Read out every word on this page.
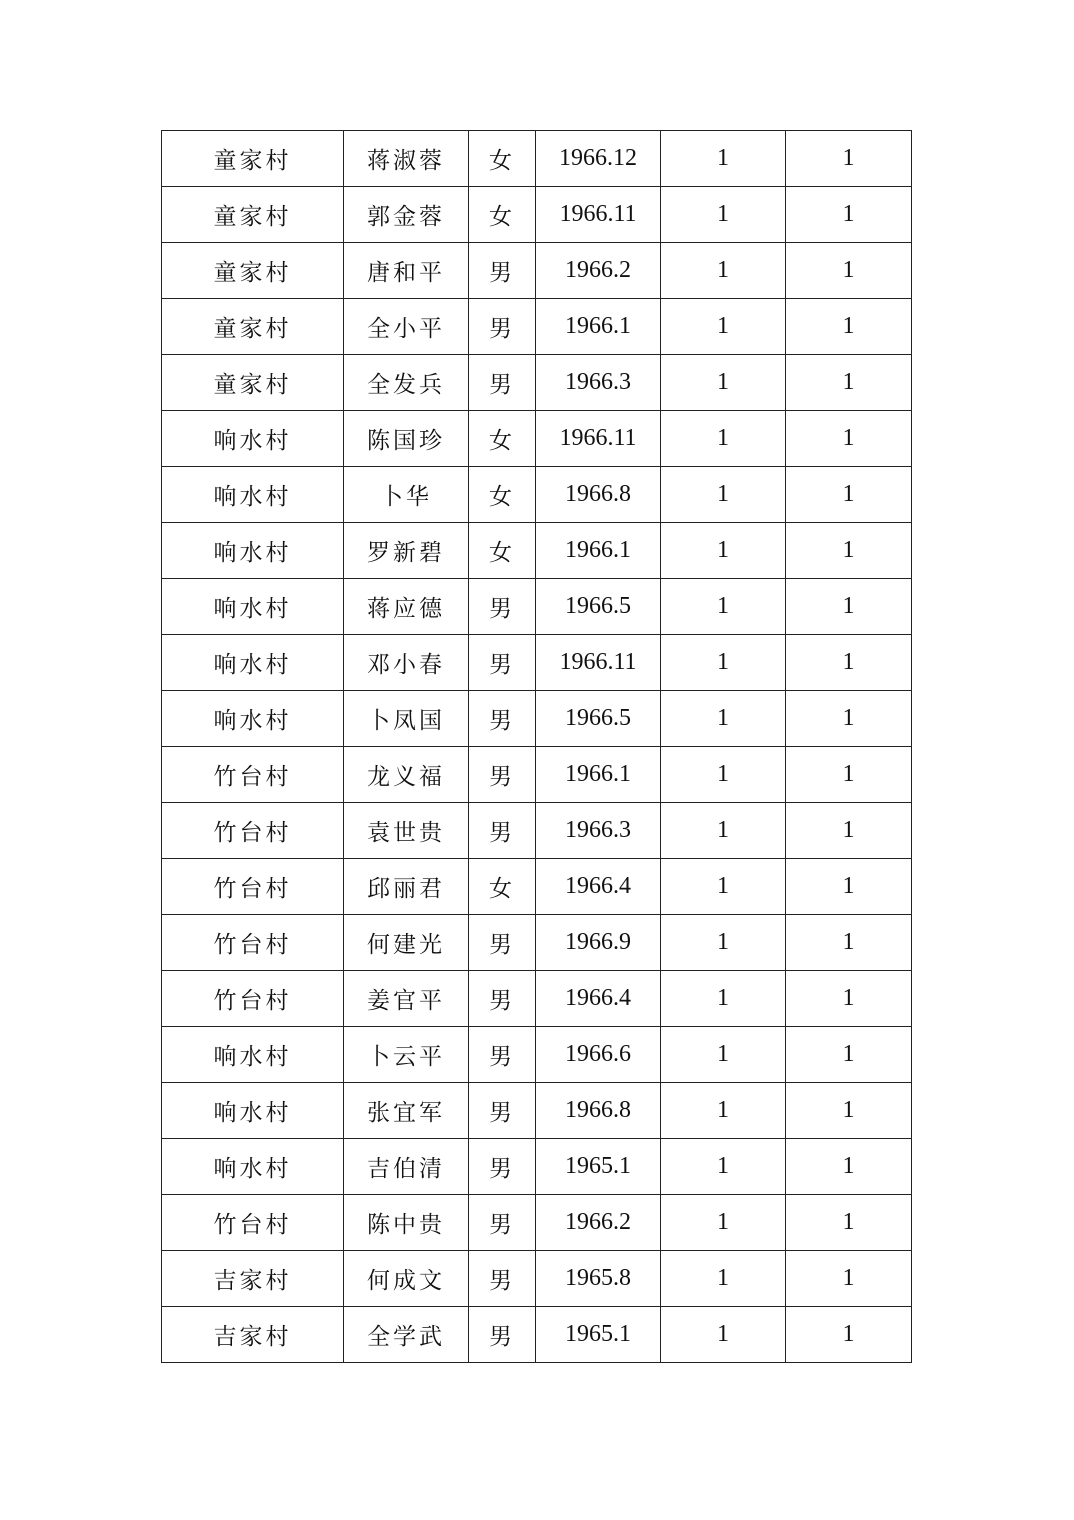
童家村	蒋淑蓉	女	1966.12	1	1
童家村	郭金蓉	女	1966.11	1	1
童家村	唐和平	男	1966.2	1	1
童家村	全小平	男	1966.1	1	1
童家村	全发兵	男	1966.3	1	1
响水村	陈国珍	女	1966.11	1	1
响水村	卜华	女	1966.8	1	1
响水村	罗新碧	女	1966.1	1	1
响水村	蒋应德	男	1966.5	1	1
响水村	邓小春	男	1966.11	1	1
响水村	卜凤国	男	1966.5	1	1
竹台村	龙义福	男	1966.1	1	1
竹台村	袁世贵	男	1966.3	1	1
竹台村	邱丽君	女	1966.4	1	1
竹台村	何建光	男	1966.9	1	1
竹台村	姜官平	男	1966.4	1	1
响水村	卜云平	男	1966.6	1	1
响水村	张宜军	男	1966.8	1	1
响水村	吉伯清	男	1965.1	1	1
竹台村	陈中贵	男	1966.2	1	1
吉家村	何成文	男	1965.8	1	1
吉家村	全学武	男	1965.1	1	1
